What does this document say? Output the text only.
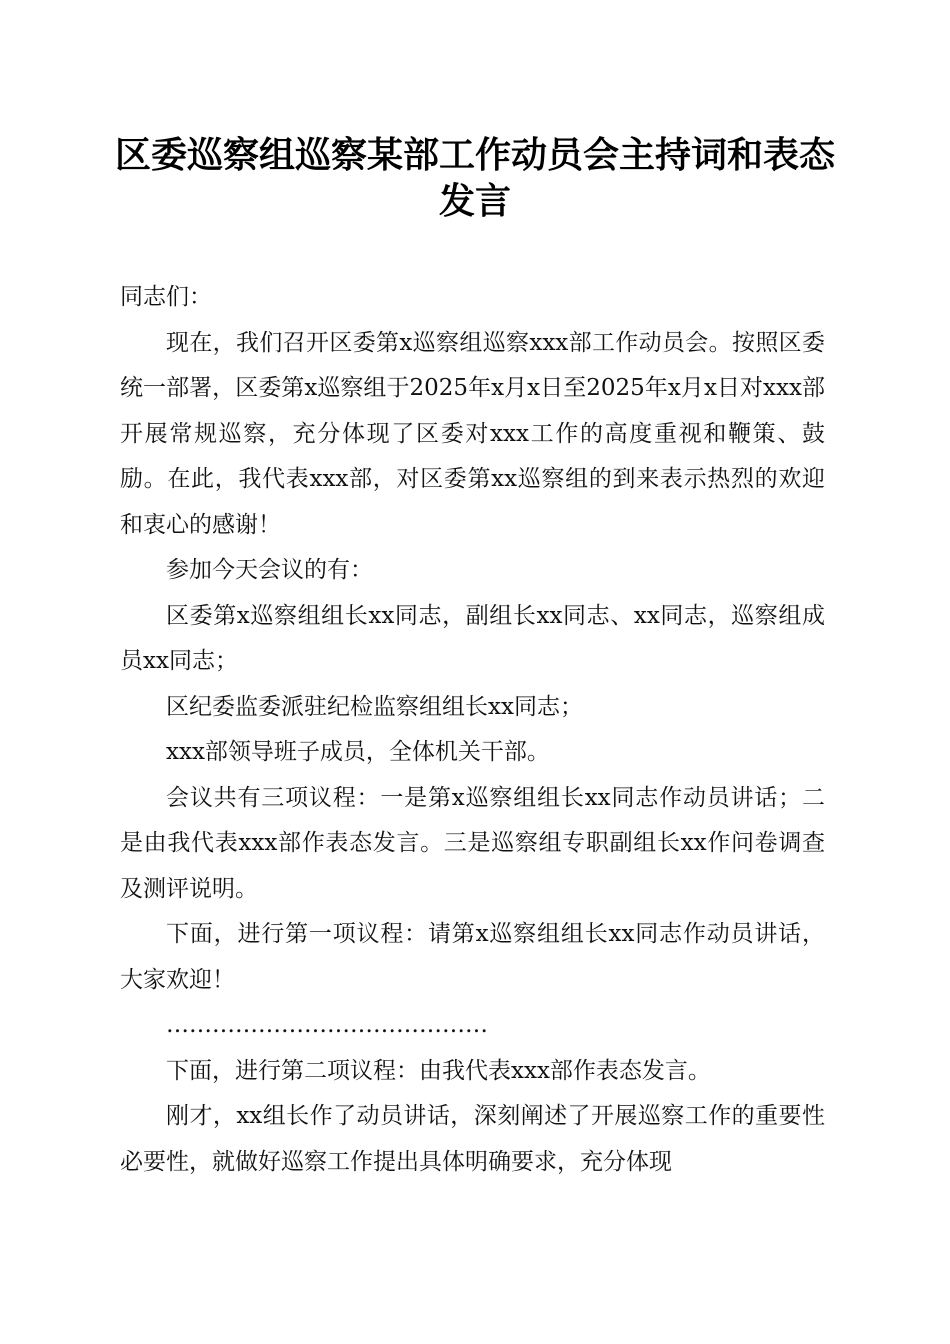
区委巡察组巡察某部工作动员会主持词和表态
发言

同志们：

现在，我们召开区委第x巡察组巡察xxx部工作动员会。按照区委统一部署，区委第x巡察组于2025年x月x日至2025年x月x日对xxx部开展常规巡察，充分体现了区委对xxx工作的高度重视和鞭策、鼓励。在此，我代表xxx部，对区委第xx巡察组的到来表示热烈的欢迎和衷心的感谢！

参加今天会议的有：

区委第x巡察组组长xx同志，副组长xx同志、xx同志，巡察组成员xx同志；

区纪委监委派驻纪检监察组组长xx同志；

xxx部领导班子成员，全体机关干部。

会议共有三项议程：一是第x巡察组组长xx同志作动员讲话；二是由我代表xxx部作表态发言。三是巡察组专职副组长xx作问卷调查及测评说明。

下面，进行第一项议程：请第x巡察组组长xx同志作动员讲话，大家欢迎！

……………………………………

下面，进行第二项议程：由我代表xxx部作表态发言。

刚才，xx组长作了动员讲话，深刻阐述了开展巡察工作的重要性必要性，就做好巡察工作提出具体明确要求，充分体现
